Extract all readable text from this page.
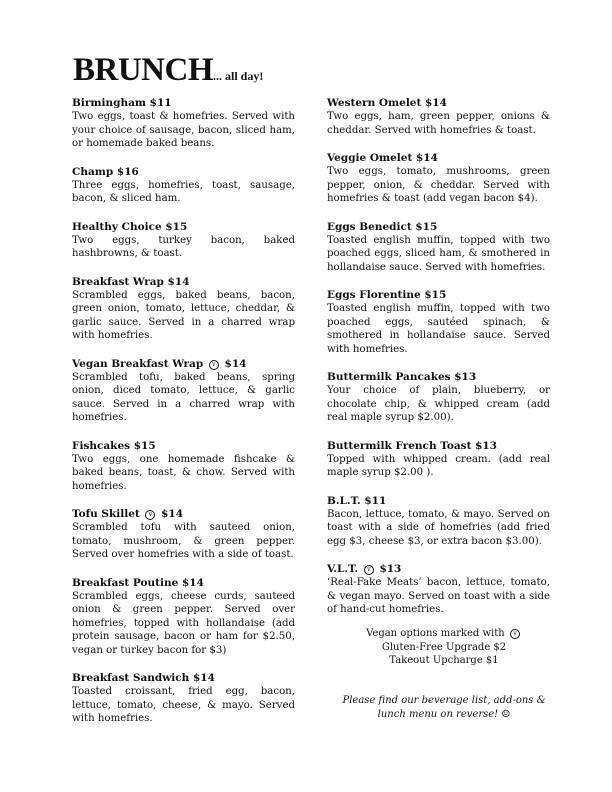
BRUNCH... all day!
Birmingham $11
Two eggs, toast & homefries. Served with your choice of sausage, bacon, sliced ham, or homemade baked beans.
Champ $16
Three eggs, homefries, toast, sausage, bacon, & sliced ham.
Healthy Choice $15
Two eggs, turkey bacon, baked hashbrowns, & toast.
Breakfast Wrap $14
Scrambled eggs, baked beans, bacon, green onion, tomato, lettuce, cheddar, & garlic sauce. Served in a charred wrap with homefries.
Vegan Breakfast Wrap v $14
Scrambled tofu, baked beans, spring onion, diced tomato, lettuce, & garlic sauce. Served in a charred wrap with homefries.
Fishcakes $15
Two eggs, one homemade fishcake & baked beans, toast, & chow. Served with homefries.
Tofu Skillet v $14
Scrambled tofu with sauteed onion, tomato, mushroom, & green pepper. Served over homefries with a side of toast.
Breakfast Poutine $14
Scrambled eggs, cheese curds, sauteed onion & green pepper. Served over homefries, topped with hollandaise (add protein sausage, bacon or ham for $2.50, vegan or turkey bacon for $3)
Breakfast Sandwich $14
Toasted croissant, fried egg, bacon, lettuce, tomato, cheese, & mayo. Served with homefries.
Western Omelet $14
Two eggs, ham, green pepper, onions & cheddar. Served with homefries & toast.
Veggie Omelet $14
Two eggs, tomato, mushrooms, green pepper, onion, & cheddar. Served with homefries & toast (add vegan bacon $4).
Eggs Benedict $15
Toasted english muffin, topped with two poached eggs, sliced ham, & smothered in hollandaise sauce. Served with homefries.
Eggs Florentine $15
Toasted english muffin, topped with two poached eggs, sautéed spinach, & smothered in hollandaise sauce. Served with homefries.
Buttermilk Pancakes $13
Your choice of plain, blueberry, or chocolate chip, & whipped cream (add real maple syrup $2.00).
Buttermilk French Toast $13
Topped with whipped cream. (add real maple syrup $2.00 ).
B.L.T. $11
Bacon, lettuce, tomato, & mayo. Served on toast with a side of homefries (add fried egg $3, cheese $3, or extra bacon $3.00).
V.L.T. v $13
‘Real-Fake Meats’ bacon, lettuce, tomato, & vegan mayo. Served on toast with a side of hand-cut homefries.
Vegan options marked with v
Gluten-Free Upgrade $2
Takeout Upcharge $1
Please find our beverage list, add-ons & lunch menu on reverse! ☺
